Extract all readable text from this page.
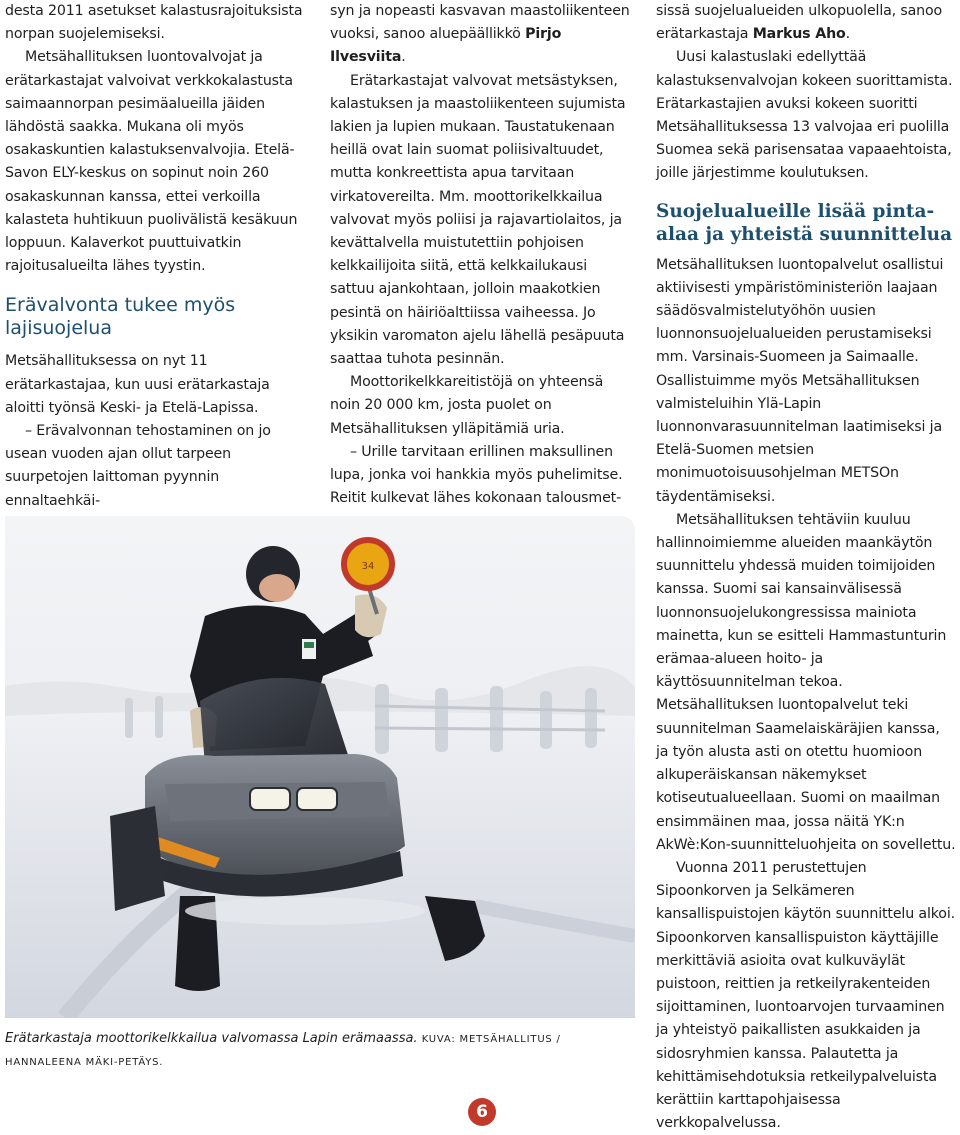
desta 2011 asetukset kalastusrajoituksista norpan suojelemiseksi.

Metsähallituksen luontovalvojat ja erätarkastajat valvoivat verkkokalastusta saimaannorpan pesimäalueilla jäiden lähdöstä saakka. Mukana oli myös osakaskuntien kalastuksenvalvojia. Etelä-Savon ELY-keskus on sopinut noin 260 osakaskunnan kanssa, ettei verkoilla kalasteta huhtikuun puolivälistä kesäkuun loppuun. Kalaverkot puuttuivatkin rajoitusalueilta lähes tyystin.

Erävalvonta tukee myös lajisuojelua

Metsähallituksessa on nyt 11 erätarkastajaa, kun uusi erätarkastaja aloitti työnsä Keski- ja Etelä-Lapissa.

– Erävalvonnan tehostaminen on jo usean vuoden ajan ollut tarpeen suurpetojen laittoman pyynnin ennaltaehkäi-

syn ja nopeasti kasvavan maastoliikenteen vuoksi, sanoo aluepäällikkö Pirjo Ilvesviita.

Erätarkastajat valvovat metsästyksen, kalastuksen ja maastoliikenteen sujumista lakien ja lupien mukaan. Taustatukenaan heillä ovat lain suomat poliisivaltuudet, mutta konkreettista apua tarvitaan virkatovereilta. Mm. moottorikelkkailua valvovat myös poliisi ja rajavartiolaitos, ja kevättalvella muistutettiin pohjoisen kelkkailijoita siitä, että kelkkailukausi sattuu ajankohtaan, jolloin maakotkien pesintä on häiriöalttiissa vaiheessa. Jo yksikin varomaton ajelu lähellä pesäpuuta saattaa tuhota pesinnän.

Moottorikelkkareitistöjä on yhteensä noin 20 000 km, josta puolet on Metsähallituksen ylläpitämiä uria.

– Urille tarvitaan erillinen maksullinen lupa, jonka voi hankkia myös puhelimitse. Reitit kulkevat lähes kokonaan talousmet-

sissä suojelualueiden ulkopuolella, sanoo erätarkastaja Markus Aho.

Uusi kalastuslaki edellyttää kalastuksenvalvojan kokeen suorittamista. Erätarkastajien avuksi kokeen suoritti Metsähallituksessa 13 valvojaa eri puolilla Suomea sekä parisensataa vapaaehtoista, joille järjestimme koulutuksen.

Suojelualueille lisää pinta-alaa ja yhteistä suunnittelua

Metsähallituksen luontopalvelut osallistui aktiivisesti ympäristöministeriön laajaan säädösvalmistelutyöhön uusien luonnonsuojelualueiden perustamiseksi mm. Varsinais-Suomeen ja Saimaalle. Osallistuimme myös Metsähallituksen valmisteluihin Ylä-Lapin luonnonvarasuunnitelman laatimiseksi ja Etelä-Suomen metsien monimuotoisuusohjelman METSOn täydentämiseksi.

Metsähallituksen tehtäviin kuuluu hallinnoimiemme alueiden maankäytön suunnittelu yhdessä muiden toimijoiden kanssa. Suomi sai kansainvälisessä luonnonsuojelukongressissa mainiota mainetta, kun se esitteli Hammastunturin erämaa-alueen hoito- ja käyttösuunnitelman tekoa. Metsähallituksen luontopalvelut teki suunnitelman Saamelaiskäräjien kanssa, ja työn alusta asti on otettu huomioon alkuperäiskansan näkemykset kotiseutualueellaan. Suomi on maailman ensimmäinen maa, jossa näitä YK:n AkWè:Kon-suunnitteluohjeita on sovellettu.

Vuonna 2011 perustettujen Sipoonkorven ja Selkämeren kansallispuistojen käytön suunnittelu alkoi. Sipoonkorven kansallispuiston käyttäjille merkittäviä asioita ovat kulkuväylät puistoon, reittien ja retkeilyrakenteiden sijoittaminen, luontoarvojen turvaaminen ja yhteistyö paikallisten asukkaiden ja sidosryhmien kanssa. Palautetta ja kehittämisehdotuksia retkeilypalveluista kerättiin karttapohjaisessa verkkopalvelussa.

34
Erätarkastaja moottorikelkkailua valvomassa Lapin erämaassa. KUVA: METSÄHALLITUS / HANNALEENA MÄKI-PETÄYS.
6
